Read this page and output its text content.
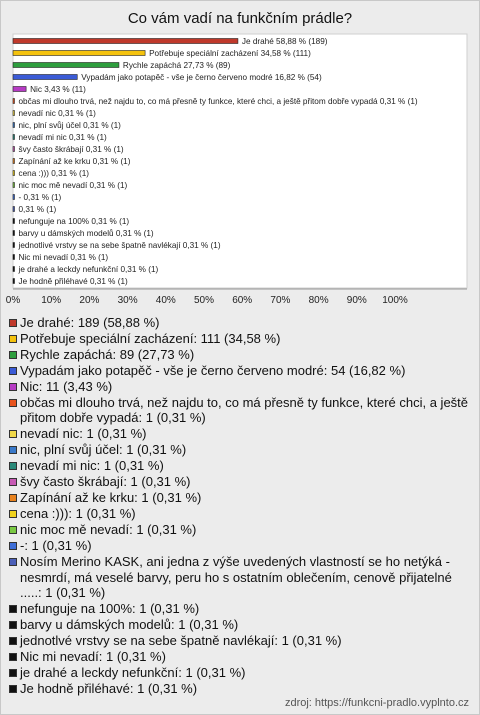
Co vám vadí na funkčním prádle?
Je drahé 58,88 % (189)
Potřebuje speciální zacházení 34,58 % (111)
Rychle zapáchá 27,73 % (89)
Vypadám jako potapěč - vše je černo červeno modré 16,82 % (54)
Nic 3,43 % (11)
občas mi dlouho trvá, než najdu to, co má přesně ty funkce, které chci, a ještě přitom dobře vypadá 0,31 % (1)
nevadí nic 0,31 % (1)
nic, plní svůj účel 0,31 % (1)
nevadí mi nic 0,31 % (1)
švy často škrábají 0,31 % (1)
Zapínání až ke krku 0,31 % (1)
cena :))) 0,31 % (1)
nic moc mě nevadí 0,31 % (1)
- 0,31 % (1)
0,31 % (1)
nefunguje na 100% 0,31 % (1)
barvy u dámských modelů 0,31 % (1)
jednotlivé vrstvy se na sebe špatně navlékají 0,31 % (1)
Nic mi nevadí 0,31 % (1)
je drahé a leckdy nefunkční 0,31 % (1)
Je hodně přiléhavé 0,31 % (1)
0% 10% 20% 30% 40% 50% 60% 70% 80% 90% 100%
Je drahé: 189 (58,88 %)
Potřebuje speciální zacházení: 111 (34,58 %)
Rychle zapáchá: 89 (27,73 %)
Vypadám jako potapěč - vše je černo červeno modré: 54 (16,82 %)
Nic: 11 (3,43 %)
občas mi dlouho trvá, než najdu to, co má přesně ty funkce, které chci, a ještě přitom dobře vypadá: 1 (0,31 %)
nevadí nic: 1 (0,31 %)
nic, plní svůj účel: 1 (0,31 %)
nevadí mi nic: 1 (0,31 %)
švy často škrábají: 1 (0,31 %)
Zapínání až ke krku: 1 (0,31 %)
cena :))): 1 (0,31 %)
nic moc mě nevadí: 1 (0,31 %)
-: 1 (0,31 %)
Nosím Merino KASK, ani jedna z výše uvedených vlastností se ho netýká - nesmrdí, má veselé barvy, peru ho s ostatním oblečením, cenově přijatelné .....: 1 (0,31 %)
nefunguje na 100%: 1 (0,31 %)
barvy u dámských modelů: 1 (0,31 %)
jednotlvé vrstvy se na sebe špatně navlékají: 1 (0,31 %)
Nic mi nevadí: 1 (0,31 %)
je drahé a leckdy nefunkční: 1 (0,31 %)
Je hodně přiléhavé: 1 (0,31 %)
zdroj: https://funkcni-pradlo.vyplnto.cz
